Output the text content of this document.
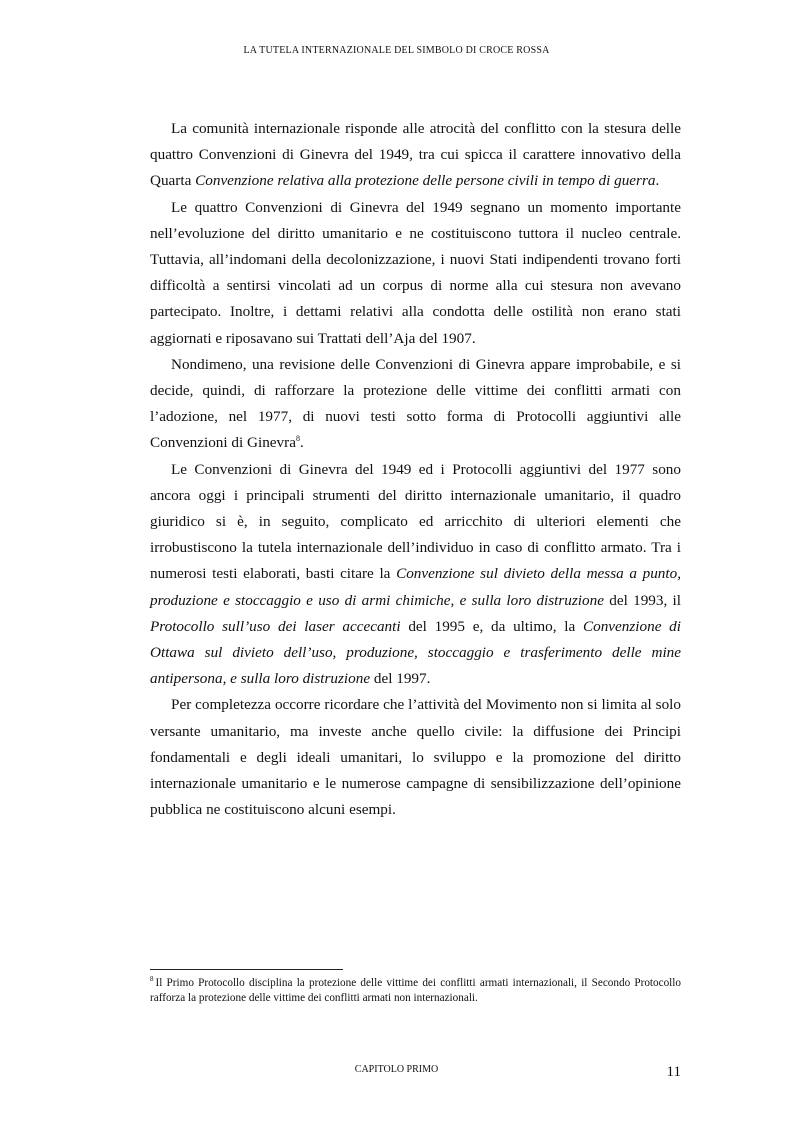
LA TUTELA INTERNAZIONALE DEL SIMBOLO DI CROCE ROSSA

La comunità internazionale risponde alle atrocità del conflitto con la stesura delle quattro Convenzioni di Ginevra del 1949, tra cui spicca il carattere innovativo della Quarta Convenzione relativa alla protezione delle persone civili in tempo di guerra.

Le quattro Convenzioni di Ginevra del 1949 segnano un momento importante nell’evoluzione del diritto umanitario e ne costituiscono tuttora il nucleo centrale. Tuttavia, all’indomani della decolonizzazione, i nuovi Stati indipendenti trovano forti difficoltà a sentirsi vincolati ad un corpus di norme alla cui stesura non avevano partecipato. Inoltre, i dettami relativi alla condotta delle ostilità non erano stati aggiornati e riposavano sui Trattati dell’Aja del 1907.

Nondimeno, una revisione delle Convenzioni di Ginevra appare improbabile, e si decide, quindi, di rafforzare la protezione delle vittime dei conflitti armati con l’adozione, nel 1977, di nuovi testi sotto forma di Protocolli aggiuntivi alle Convenzioni di Ginevra$^8$.

Le Convenzioni di Ginevra del 1949 ed i Protocolli aggiuntivi del 1977 sono ancora oggi i principali strumenti del diritto internazionale umanitario, il quadro giuridico si è, in seguito, complicato ed arricchito di ulteriori elementi che irrobustiscono la tutela internazionale dell’individuo in caso di conflitto armato. Tra i numerosi testi elaborati, basti citare la Convenzione sul divieto della messa a punto, produzione e stoccaggio e uso di armi chimiche, e sulla loro distruzione del 1993, il Protocollo sull’uso dei laser accecanti del 1995 e, da ultimo, la Convenzione di Ottawa sul divieto dell’uso, produzione, stoccaggio e trasferimento delle mine antipersona, e sulla loro distruzione del 1997.

Per completezza occorre ricordare che l’attività del Movimento non si limita al solo versante umanitario, ma investe anche quello civile: la diffusione dei Principi fondamentali e degli ideali umanitari, lo sviluppo e la promozione del diritto internazionale umanitario e le numerose campagne di sensibilizzazione dell’opinione pubblica ne costituiscono alcuni esempi.

$^8$ Il Primo Protocollo disciplina la protezione delle vittime dei conflitti armati internazionali, il Secondo Protocollo rafforza la protezione delle vittime dei conflitti armati non internazionali.
CAPITOLO PRIMO	11
